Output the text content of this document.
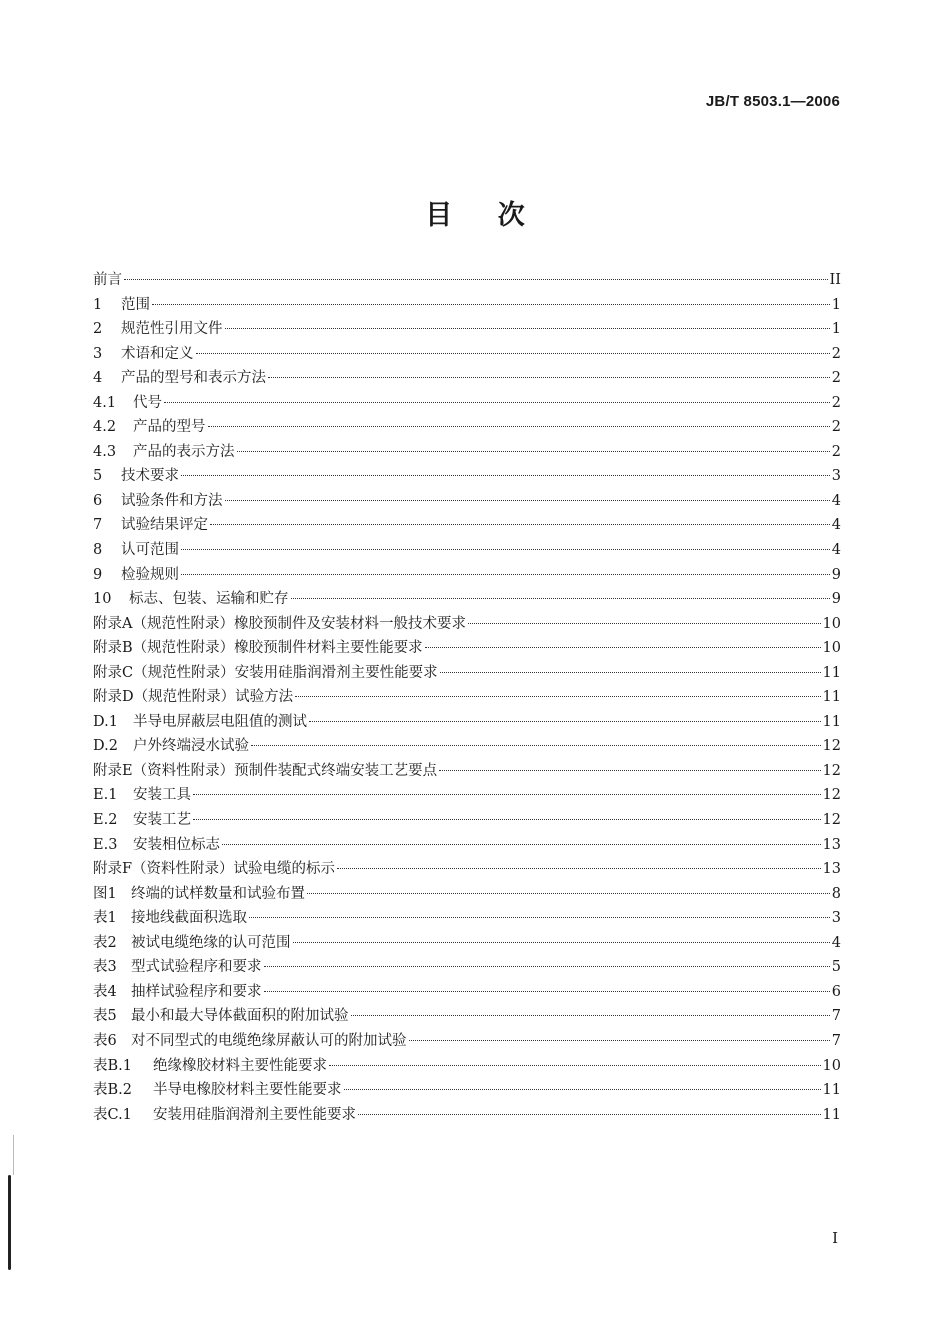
JB/T 8503.1—2006
目 次
前言	II
1	范围	1
2	规范性引用文件	1
3	术语和定义	2
4	产品的型号和表示方法	2
4.1	代号	2
4.2	产品的型号	2
4.3	产品的表示方法	2
5	技术要求	3
6	试验条件和方法	4
7	试验结果评定	4
8	认可范围	4
9	检验规则	9
10	标志、包装、运输和贮存	9
附录A（规范性附录）橡胶预制件及安装材料一般技术要求	10
附录B（规范性附录）橡胶预制件材料主要性能要求	10
附录C（规范性附录）安装用硅脂润滑剂主要性能要求	11
附录D（规范性附录）试验方法	11
D.1	半导电屏蔽层电阻值的测试	11
D.2	户外终端浸水试验	12
附录E（资料性附录）预制件装配式终端安装工艺要点	12
E.1	安装工具	12
E.2	安装工艺	12
E.3	安装相位标志	13
附录F（资料性附录）试验电缆的标示	13
图1 终端的试样数量和试验布置	8
表1 接地线截面积选取	3
表2 被试电缆绝缘的认可范围	4
表3 型式试验程序和要求	5
表4 抽样试验程序和要求	6
表5 最小和最大导体截面积的附加试验	7
表6 对不同型式的电缆绝缘屏蔽认可的附加试验	7
表B.1	绝缘橡胶材料主要性能要求	10
表B.2	半导电橡胶材料主要性能要求	11
表C.1	安装用硅脂润滑剂主要性能要求	11
I
